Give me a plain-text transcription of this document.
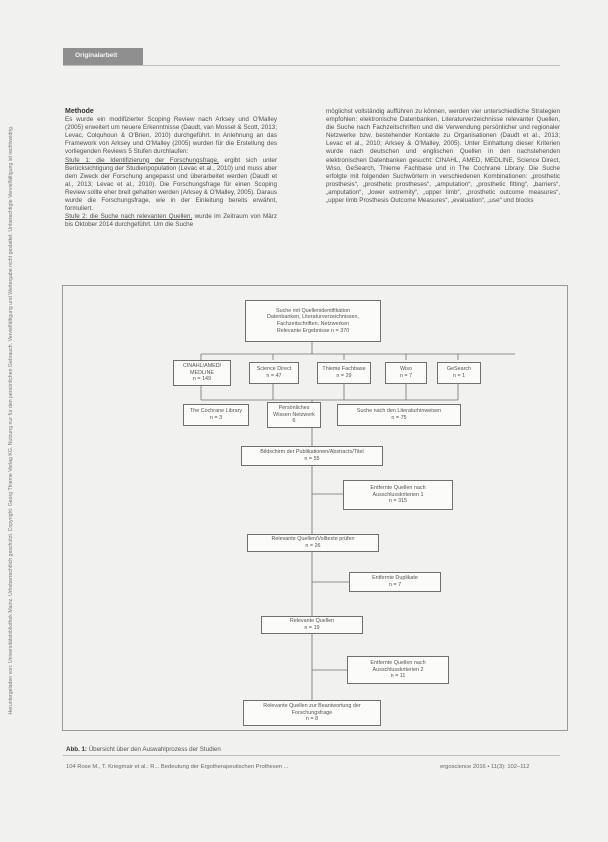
Heruntergeladen von: Universitätsbibliothek Mainz. Urheberrechtlich geschützt. Copyright: Georg Thieme Verlag KG. Nutzung nur für den persönlichen Gebrauch. Vervielfältigung und Weitergabe nicht gestattet. Unberechtigte Vervielfältigung ist rechtswidrig.
Originalarbeit
Methode

Es wurde ein modifizierter Scoping Review nach Arksey und O'Malley (2005) erweitert um neuere Erkenntnisse (Daudt, van Mossel & Scott, 2013; Levac, Colquhoun & O'Brien, 2010) durchgeführt. In Anlehnung an das Framework von Arksey und O'Malley (2005) wurden für die Erstellung des vorliegenden Reviews 5 Stufen durchlaufen:

Stufe 1: die Identifizierung der Forschungsfrage, ergibt sich unter Berücksichtigung der Studienpopulation (Levac et al., 2010) und muss aber dem Zweck der Forschung angepasst und überarbeitet werden (Daudt et al., 2013; Levac et al., 2010). Die Forschungsfrage für einen Scoping Review sollte eher breit gehalten werden (Arksey & O'Malley, 2005). Daraus wurde die Forschungsfrage, wie in der Einleitung bereits erwähnt, formuliert.

Stufe 2: die Suche nach relevanten Quellen, wurde im Zeitraum von März bis Oktober 2014 durchgeführt. Um die Suche

möglichst vollständig aufführen zu können, werden vier unterschiedliche Strategien empfohlen: elektronische Datenbanken, Literaturverzeichnisse relevanter Quellen, die Suche nach Fachzeitschriften und die Verwendung persönlicher und regionaler Netzwerke bzw. bestehender Kontakte zu Organisationen (Daudt et al., 2013; Levac et al., 2010; Arksey & O'Malley, 2005). Unter Einhaltung dieser Kriterien wurde nach deutschen und englischen Quellen in den nachstehenden elektronischen Datenbanken gesucht: CINAHL, AMED, MEDLINE, Science Direct, Wiso, GeSearch, Thieme Fachbase und in The Cochrane Library. Die Suche erfolgte mit folgenden Suchwörtern in verschiedenen Kombinationen: „prosthetic prosthesis“, „prosthetic prostheses“, „amputation“, „prosthetic fitting“, „barriers“, „amputation“, „lower extremity“, „upper limb“, „prosthetic outcome measures“, „upper limb Prosthesis Outcome Measures“, „evaluation“, „use“ und blocks

Suche mit Quellenidentifikation
Datenbanken, Literaturverzeichnissen,
Fachzeitschriften, Netzwerken
Relevante Ergebnisse n = 370
CINAHL/AMED/
MEDLINE
n = 149
Science Direct
n = 47
Thieme Fachbase
n = 29
Wiso
n = 7
GeSearch
n = 1
The Cochrane Library
n = 3
Persönliches
Wissen Netzwerk
6
Suche nach den Literaturhinweisen
n = 75
Bildschirm der Publikationen/Abstracts/Titel
n = 55
Entfernte Quellen nach
Ausschlusskriterien 1
n = 315
Relevante Quellen/Volltexte prüfen
n = 26
Entfernte Duplikate
n = 7
Relevante Quellen
n = 19
Entfernte Quellen nach
Ausschlusskriterien 2
n = 11
Relevante Quellen zur Beantwortung der
Forschungsfrage
n = 8
Abb. 1: Übersicht über den Auswahlprozess der Studien
104 Rose M., T. Kriegmair et al.: R... Bedeutung der Ergotherapeutischen Prothesen ...	ergoscience 2016 • 11(3): 102–112
